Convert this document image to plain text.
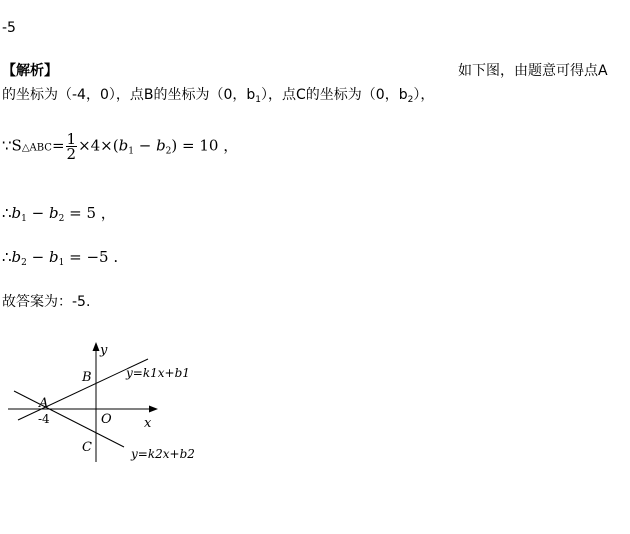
-5
【解析】	如下图，由题意可得点A
的坐标为（-4，0），点B的坐标为（0，$b_1$），点C的坐标为（0，$b_2$），
∵S△ABC= $\frac{1}{2} \times 4\times(b_1 - b_2) = 10$ ，
$\therefore b_1 - b_2 = 5$ ，
$\therefore b_2 - b_1 = -5$ .
故答案为：-5.
y
x
B
A
O
-4
C
y=k1x+b1
y=k2x+b2
